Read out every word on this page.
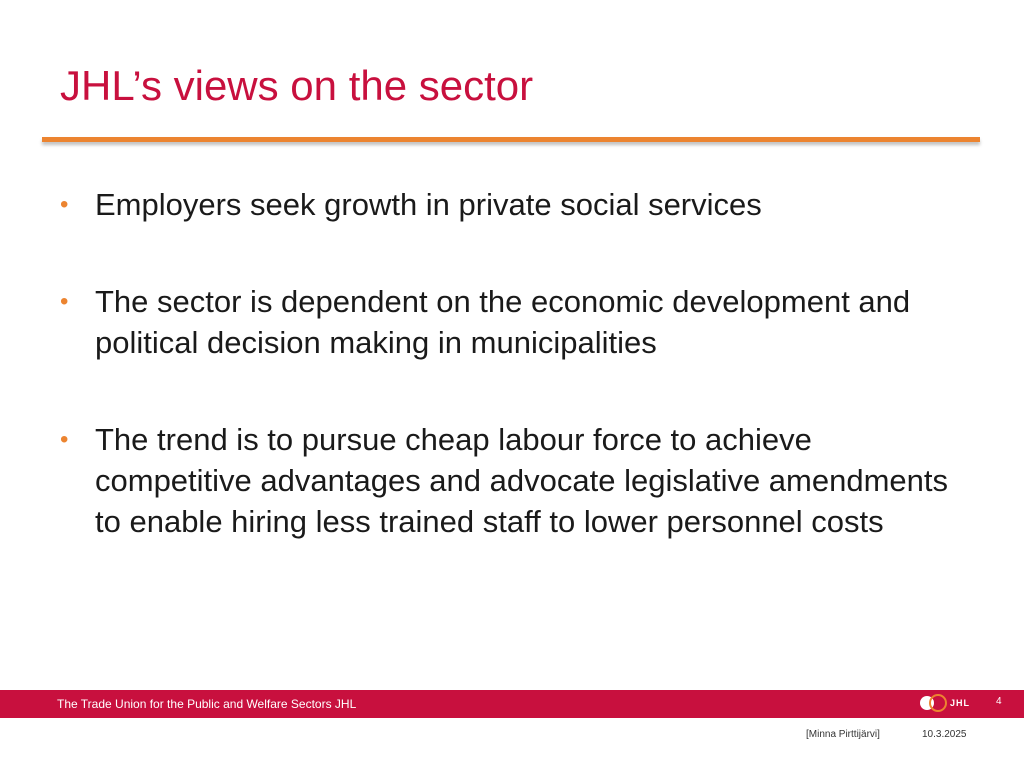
JHL’s views on the sector
• Employers seek growth in private social services
• The sector is dependent on the economic development and political decision making in municipalities
• The trend is to pursue cheap labour force to achieve competitive advantages and advocate legislative amendments to enable hiring less trained staff to lower personnel costs
The Trade Union for the Public and Welfare Sectors JHL	JHL	4
[Minna Pirttijärvi]	10.3.2025
